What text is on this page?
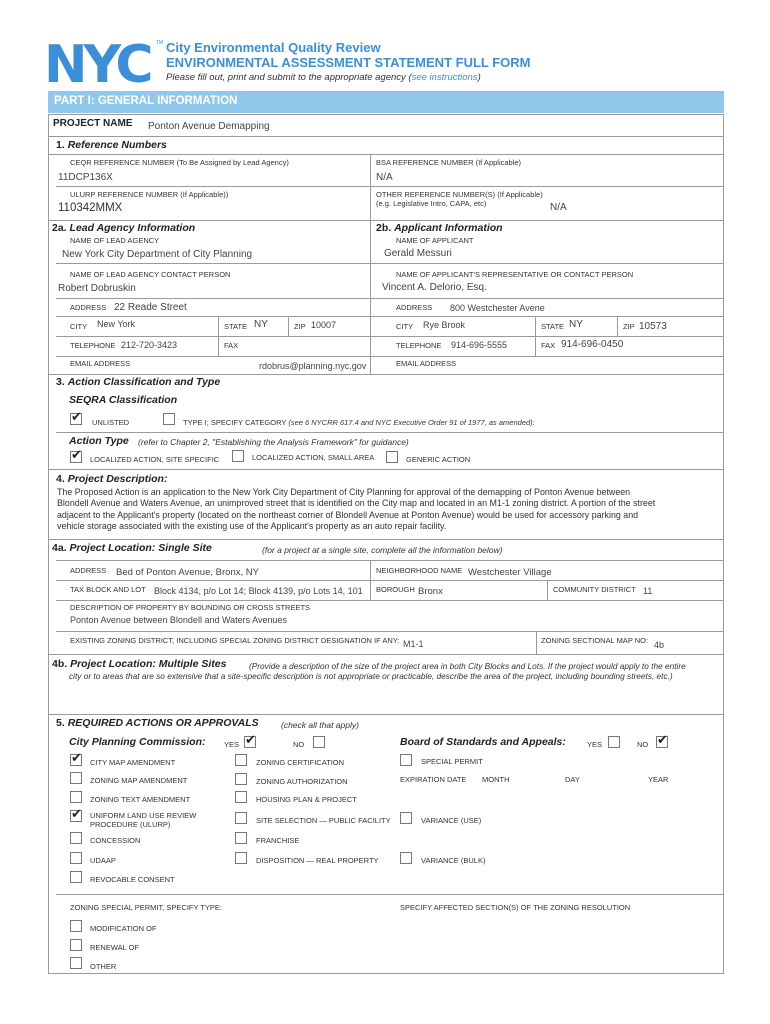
NYC TM City Environmental Quality Review
ENVIRONMENTAL ASSESSMENT STATEMENT FULL FORM
Please fill out, print and submit to the appropriate agency (see instructions)
PART I: GENERAL INFORMATION
PROJECT NAME Ponton Avenue Demapping
1. Reference Numbers
CEQR REFERENCE NUMBER (To Be Assigned by Lead Agency)	BSA REFERENCE NUMBER (If Applicable)
11DCP136X	N/A
ULURP REFERENCE NUMBER (If Applicable))	OTHER REFERENCE NUMBER(S) (If Applicable)
(e.g. Legislative Intro, CAPA, etc)
110342MMX	N/A
2a. Lead Agency Information	2b. Applicant Information
NAME OF LEAD AGENCY	NAME OF APPLICANT
New York City Department of City Planning	Gerald Messuri
NAME OF LEAD AGENCY CONTACT PERSON	NAME OF APPLICANT'S REPRESENTATIVE OR CONTACT PERSON
Robert Dobruskin	Vincent A. Delorio, Esq.
ADDRESS 22 Reade Street	ADDRESS 800 Westchester Avene
CITY New York	STATE NY	ZIP 10007	CITY Rye Brook	STATE NY	ZIP 10573
TELEPHONE 212-720-3423	FAX	TELEPHONE 914-696-5555	FAX 914-696-0450
EMAIL ADDRESS	rdobrus@planning.nyc.gov	EMAIL ADDRESS
3. Action Classification and Type
SEQRA Classification
✔ UNLISTED	TYPE I; SPECIFY CATEGORY (see 6 NYCRR 617.4 and NYC Executive Order 91 of 1977, as amended):
Action Type (refer to Chapter 2, "Establishing the Analysis Framework" for guidance)
✔ LOCALIZED ACTION, SITE SPECIFIC	LOCALIZED ACTION, SMALL AREA	GENERIC ACTION
4. Project Description:
The Proposed Action is an application to the New York City Department of City Planning for approval of the demapping of Ponton Avenue between
Blondell Avenue and Waters Avenue, an unimproved street that is identified on the City map and located in an M1-1 zoning district. A portion of the street
adjacent to the Applicant's property (located on the northeast corner of Blondell Avenue at Ponton Avenue) would be used for accessory parking and
vehicle storage associated with the existing use of the Applicant's property as an auto repair facility.
4a. Project Location: Single Site	(for a project at a single site, complete all the information below)
ADDRESS Bed of Ponton Avenue, Bronx, NY	NEIGHBORHOOD NAME Westchester Village
TAX BLOCK AND LOT Block 4134, p/o Lot 14; Block 4139, p/o Lots 14, 101 BOROUGH Bronx	COMMUNITY DISTRICT 11
DESCRIPTION OF PROPERTY BY BOUNDING OR CROSS STREETS
Ponton Avenue between Blondell and Waters Avenues
EXISTING ZONING DISTRICT, INCLUDING SPECIAL ZONING DISTRICT DESIGNATION IF ANY: M1-1	ZONING SECTIONAL MAP NO: 4b
4b. Project Location: Multiple Sites	(Provide a description of the size of the project area in both City Blocks and Lots. If the project would apply to the entire
city or to areas that are so extensive that a site-specific description is not appropriate or practicable, describe the area of the project, including bounding streets, etc.)
5. REQUIRED ACTIONS OR APPROVALS	(check all that apply)
City Planning Commission: YES ✔	NO	Board of Standards and Appeals:	YES	NO ✔
✔ CITY MAP AMENDMENT
ZONING MAP AMENDMENT
ZONING TEXT AMENDMENT
✔ UNIFORM LAND USE REVIEW
PROCEDURE (ULURP)
CONCESSION
UDAAP
REVOCABLE CONSENT
ZONING CERTIFICATION
ZONING AUTHORIZATION
HOUSING PLAN & PROJECT
SITE SELECTION — PUBLIC FACILITY
FRANCHISE
DISPOSITION — REAL PROPERTY
SPECIAL PERMIT
EXPIRATION DATE MONTH	DAY	YEAR
VARIANCE (USE)
VARIANCE (BULK)
ZONING SPECIAL PERMIT, SPECIFY TYPE:	SPECIFY AFFECTED SECTION(S) OF THE ZONING RESOLUTION
MODIFICATION OF
RENEWAL OF
OTHER
